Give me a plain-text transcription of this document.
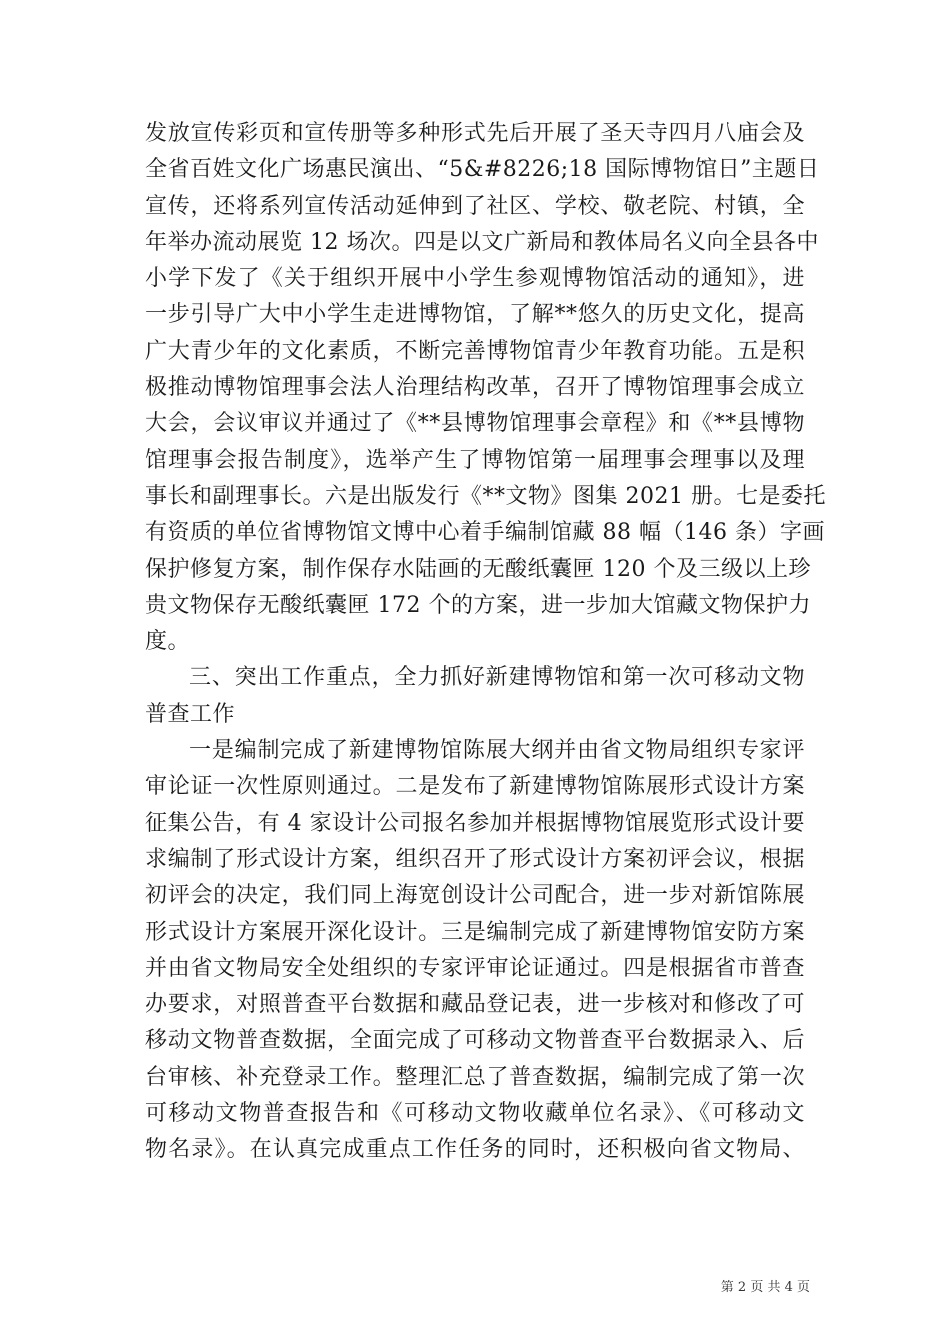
发放宣传彩页和宣传册等多种形式先后开展了圣天寺四月八庙会及
全省百姓文化广场惠民演出、“5&#8226;18 国际博物馆日”主题日
宣传，还将系列宣传活动延伸到了社区、学校、敬老院、村镇，全
年举办流动展览 12 场次。四是以文广新局和教体局名义向全县各中
小学下发了《关于组织开展中小学生参观博物馆活动的通知》，进
一步引导广大中小学生走进博物馆，了解**悠久的历史文化，提高
广大青少年的文化素质，不断完善博物馆青少年教育功能。五是积
极推动博物馆理事会法人治理结构改革，召开了博物馆理事会成立
大会，会议审议并通过了《**县博物馆理事会章程》和《**县博物
馆理事会报告制度》，选举产生了博物馆第一届理事会理事以及理
事长和副理事长。六是出版发行《**文物》图集 2021 册。七是委托
有资质的单位省博物馆文博中心着手编制馆藏 88 幅（146 条）字画
保护修复方案，制作保存水陆画的无酸纸囊匣 120 个及三级以上珍
贵文物保存无酸纸囊匣 172 个的方案，进一步加大馆藏文物保护力
度。
三、突出工作重点，全力抓好新建博物馆和第一次可移动文物
普查工作
一是编制完成了新建博物馆陈展大纲并由省文物局组织专家评
审论证一次性原则通过。二是发布了新建博物馆陈展形式设计方案
征集公告，有 4 家设计公司报名参加并根据博物馆展览形式设计要
求编制了形式设计方案，组织召开了形式设计方案初评会议，根据
初评会的决定，我们同上海宽创设计公司配合，进一步对新馆陈展
形式设计方案展开深化设计。三是编制完成了新建博物馆安防方案
并由省文物局安全处组织的专家评审论证通过。四是根据省市普查
办要求，对照普查平台数据和藏品登记表，进一步核对和修改了可
移动文物普查数据，全面完成了可移动文物普查平台数据录入、后
台审核、补充登录工作。整理汇总了普查数据，编制完成了第一次
可移动文物普查报告和《可移动文物收藏单位名录》、《可移动文
物名录》。在认真完成重点工作任务的同时，还积极向省文物局、
第 2 页 共 4 页
